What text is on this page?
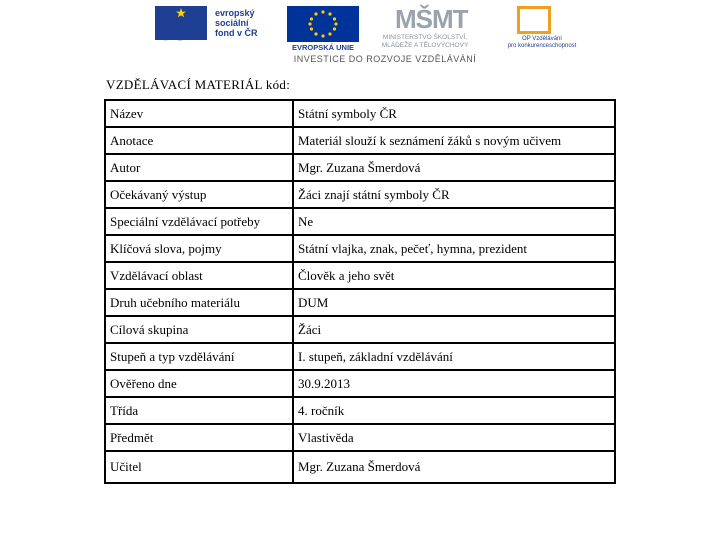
esf
evropský
sociální
fond v ČR
EVROPSKÁ UNIE
MŠMT
MINISTERSTVO ŠKOLSTVÍ,
MLÁDEŽE A TĚLOVÝCHOVY
OP Vzdělávání
pro konkurenceschopnost
INVESTICE DO ROZVOJE VZDĚLÁVÁNÍ
VZDĚLÁVACÍ MATERIÁL kód:
Název	Státní symboly ČR
Anotace	Materiál slouží k seznámení žáků s novým učivem
Autor	Mgr. Zuzana Šmerdová
Očekávaný výstup	Žáci znají státní symboly ČR
Speciální vzdělávací potřeby	Ne
Klíčová slova, pojmy	Státní vlajka, znak, pečeť, hymna, prezident
Vzdělávací oblast	Člověk a jeho svět
Druh učebního materiálu	DUM
Cílová skupina	Žáci
Stupeň a typ vzdělávání	I. stupeň, základní vzdělávání
Ověřeno dne	30.9.2013
Třída	4. ročník
Předmět	Vlastivěda
Učitel	Mgr. Zuzana Šmerdová
